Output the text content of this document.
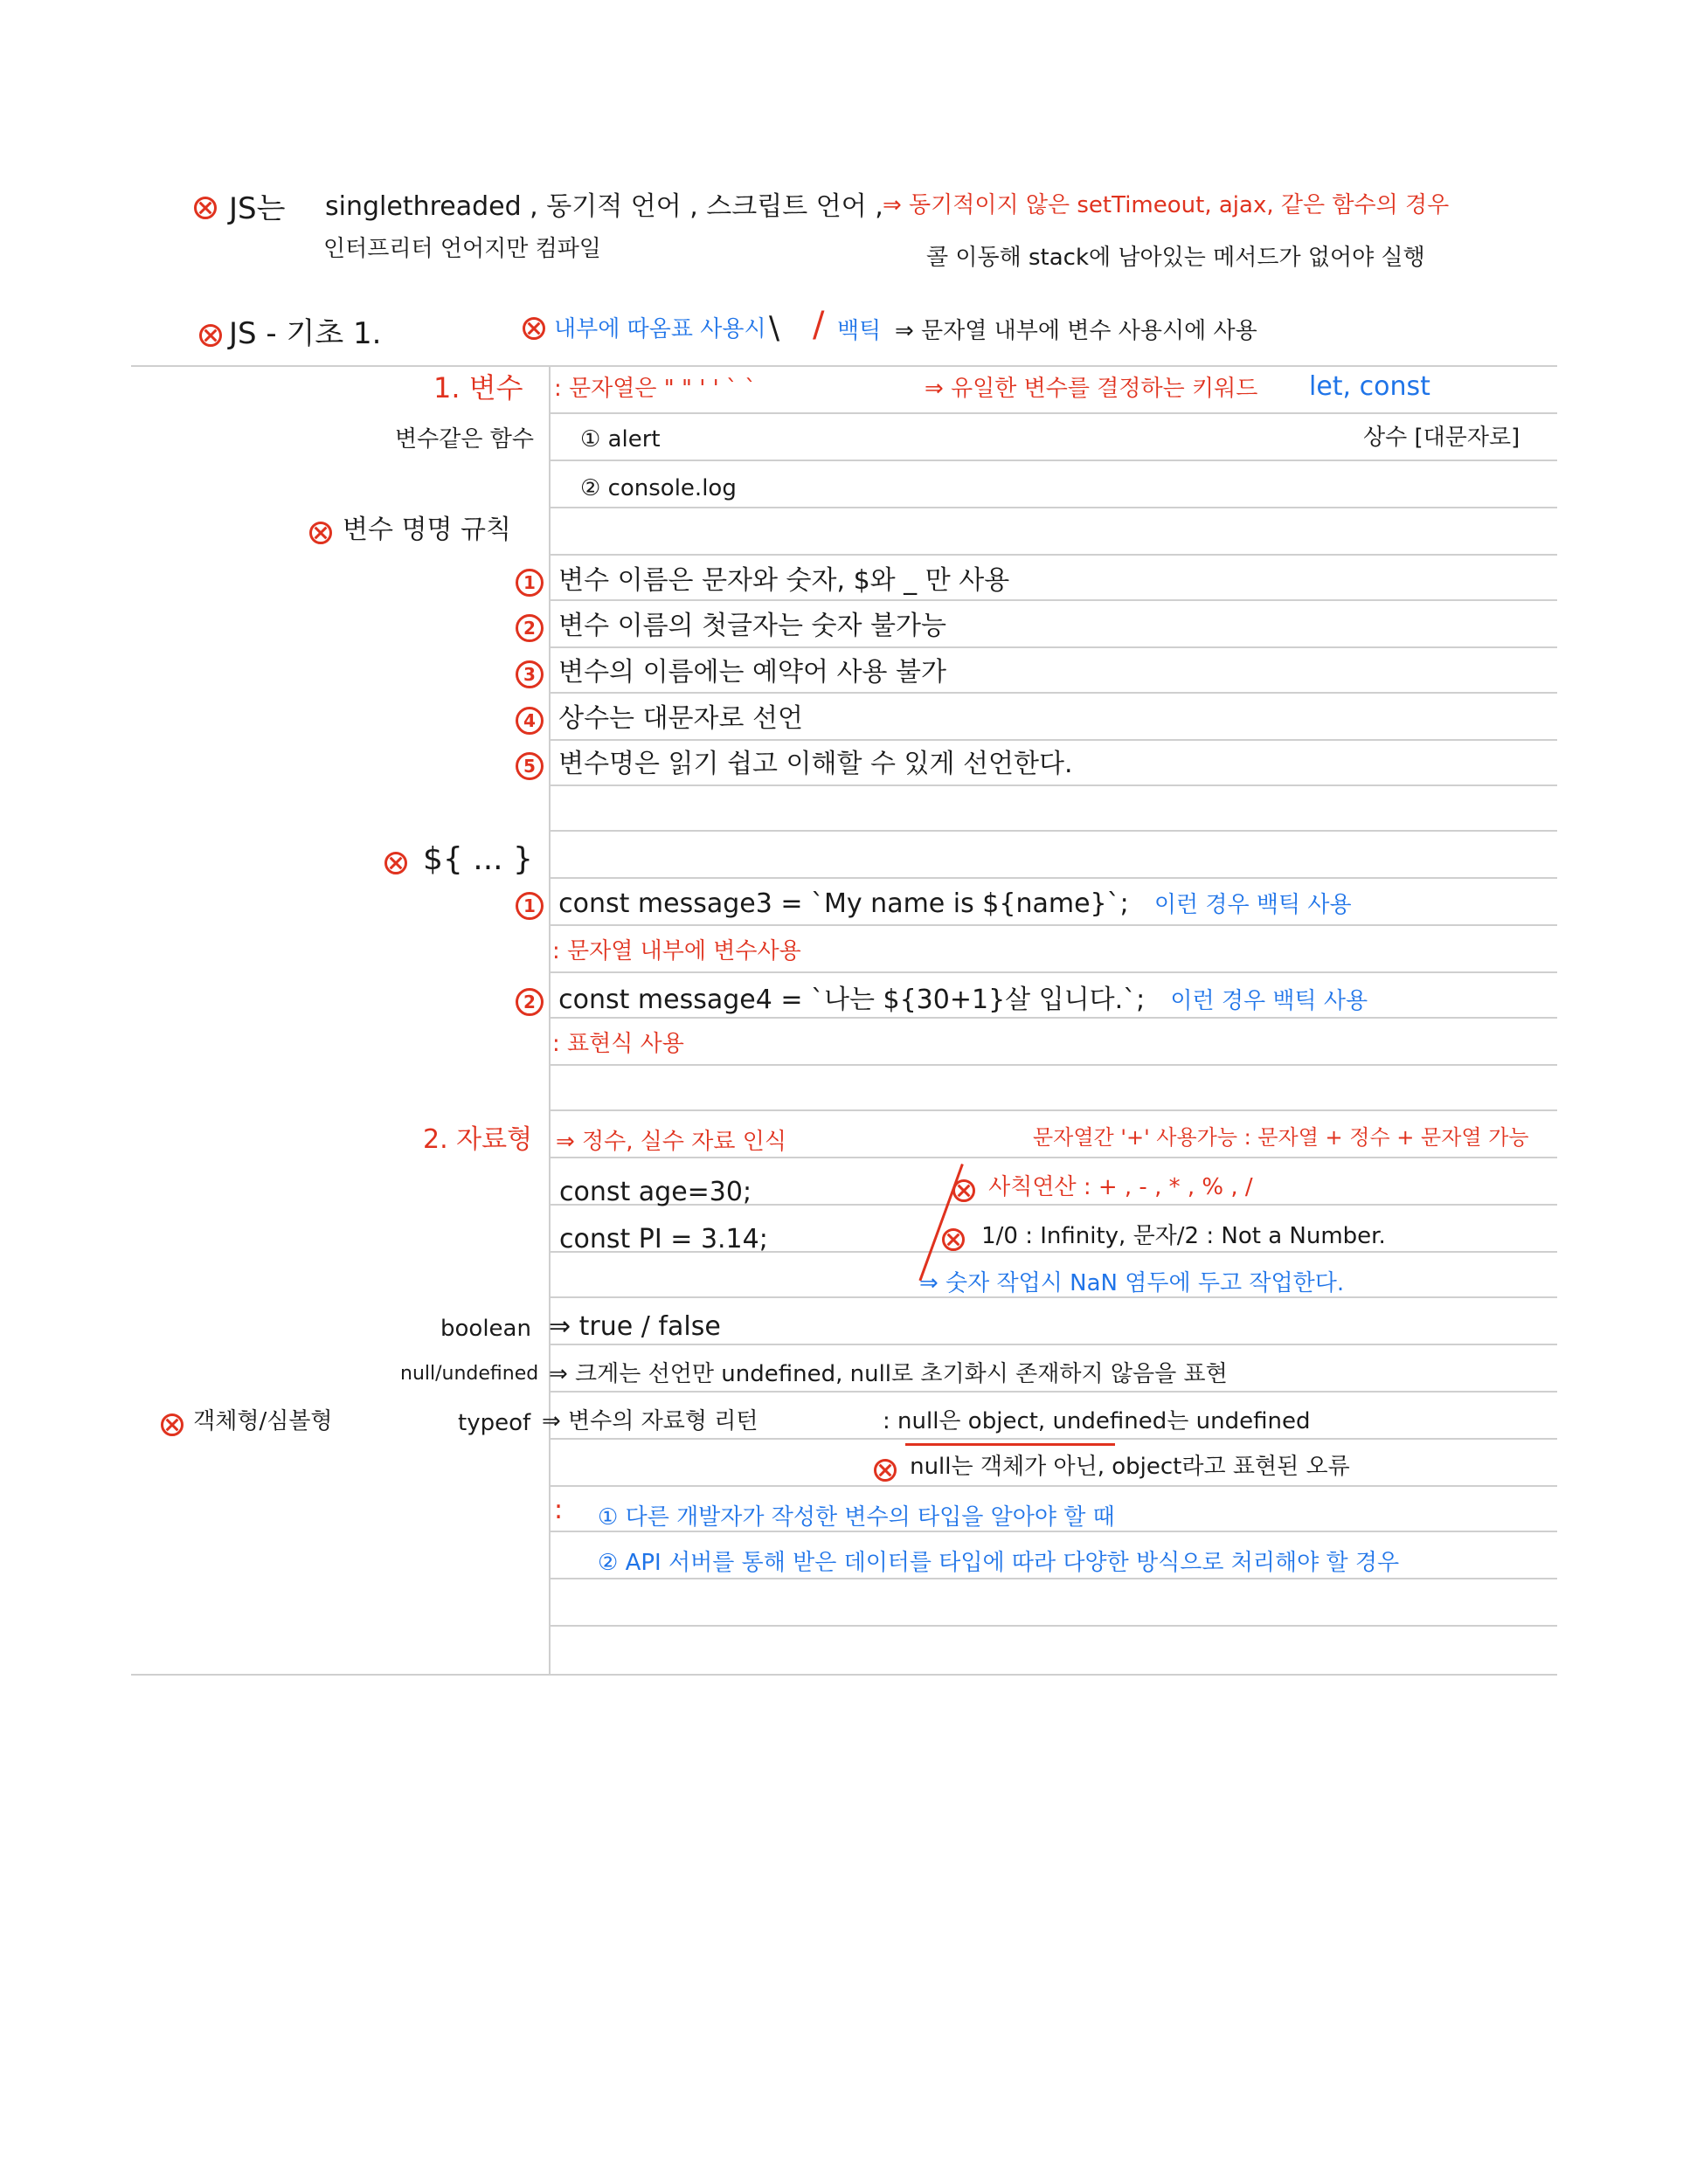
JS는 singlethreaded , 동기적 언어 , 스크립트 언어 ,
인터프리터 언어지만 컴파일
⇒ 동기적이지 않은 setTimeout, ajax, 같은 함수의 경우
콜 이동해 stack에 남아있는 메서드가 없어야 실행
JS - 기초 1.	내부에 따옴표 사용시 \ / 백틱 ⇒ 문자열 내부에 변수 사용시에 사용
1. 변수 : 문자열은 " " ' ' ` `	⇒ 유일한 변수를 결정하는 키워드 let, const
변수같은 함수 ① alert	상수 [대문자로]
② console.log
변수 명명 규칙
1 변수 이름은 문자와 숫자, $와 _ 만 사용
2 변수 이름의 첫글자는 숫자 불가능
3 변수의 이름에는 예약어 사용 불가
4 상수는 대문자로 선언
5 변수명은 읽기 쉽고 이해할 수 있게 선언한다.
${ ... }
1 const message3 = `My name is ${name}`; 이런 경우 백틱 사용
: 문자열 내부에 변수사용
2 const message4 = `나는 ${30+1}살 입니다.`; 이런 경우 백틱 사용
: 표현식 사용
2. 자료형 ⇒ 정수, 실수 자료 인식	문자열간 '+' 사용가능 : 문자열 + 정수 + 문자열 가능
const age=30;
const PI = 3.14;
사칙연산 : + , - , * , % , /
1/0 : Infinity, 문자/2 : Not a Number.
⇒ 숫자 작업시 NaN 염두에 두고 작업한다.
boolean ⇒ true / false
null/undefined ⇒ 크게는 선언만 undefined, null로 초기화시 존재하지 않음을 표현
객체형/심볼형	typeof ⇒ 변수의 자료형 리턴	: null은 object, undefined는 undefined
null는 객체가 아닌, object라고 표현된 오류
: ① 다른 개발자가 작성한 변수의 타입을 알아야 할 때
② API 서버를 통해 받은 데이터를 타입에 따라 다양한 방식으로 처리해야 할 경우
